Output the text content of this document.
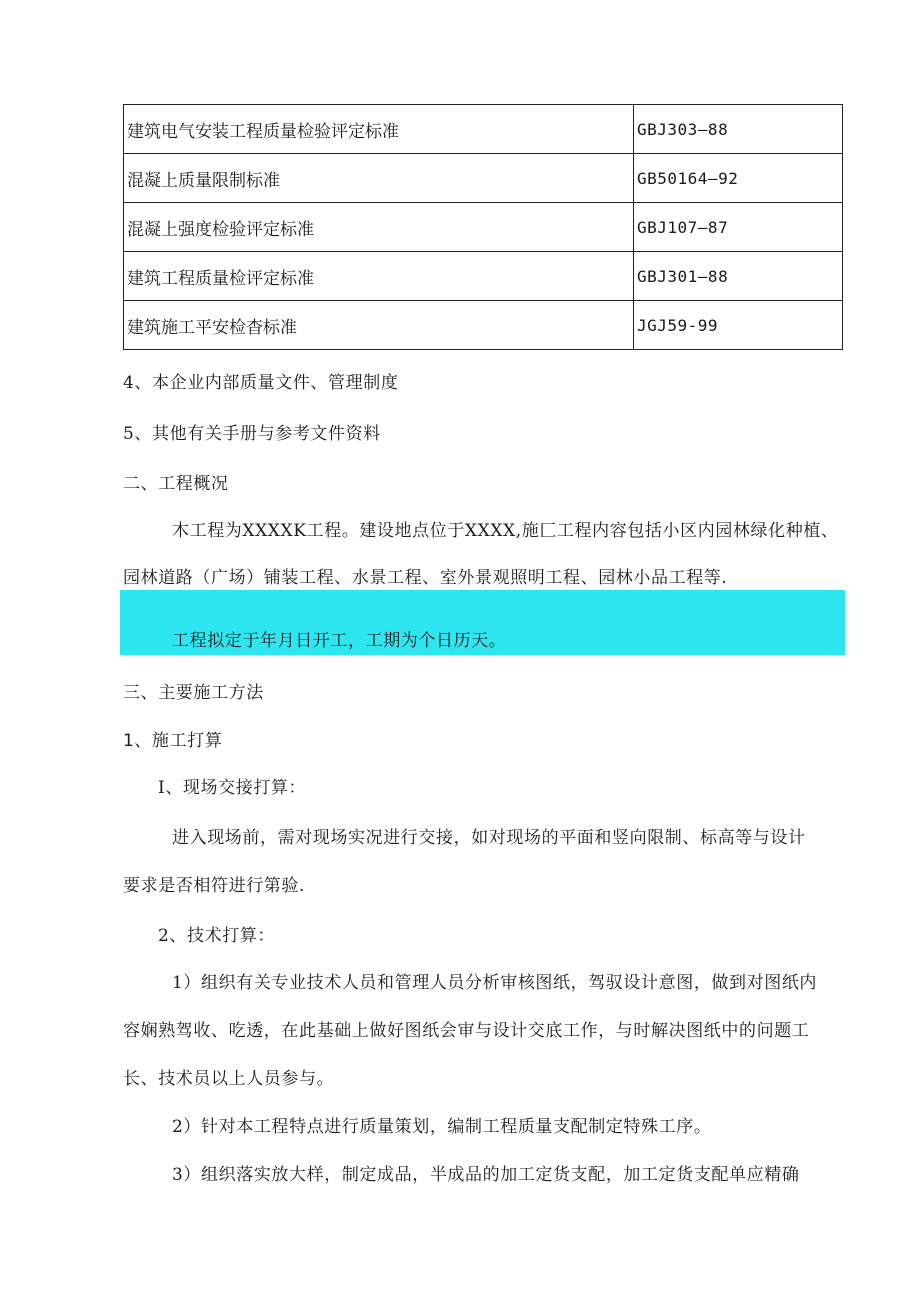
建筑电气安装工程质量检验评定标准	GBJ303—88
混凝上质量限制标准	GB50164—92
混凝上强度检验评定标准	GBJ107—87
建筑工程质量检评定标准	GBJ301—88
建筑施工平安检杳标准	JGJ59-99
4、本企业内部质量文件、管理制度
5、其他有关手册与参考文件资料
二、工程概况
木工程为XXXXK工程。建设地点位于XXXX,施匚工程内容包括小区内园林绿化种植、
园林道路（广场）铺装工程、水景工程、室外景观照明工程、园林小品工程等.
工程拟定于年月日开工，工期为个日历天。
三、主要施工方法
1、施工打算
I、现场交接打算：
进入现场前，需对现场实况进行交接，如对现场的平面和竖向限制、标高等与设计
要求是否相符进行第验.
2、技术打算：
1）组织有关专业技术人员和管理人员分析审核图纸，驾驭设计意图，做到对图纸内
容娴熟驾收、吃透，在此基础上做好图纸会审与设计交底工作，与时解决图纸中的问题工
长、技术员以上人员参与。
2）针对本工程特点进行质量策划，编制工程质量支配制定特殊工序。
3）组织落实放大样，制定成品，半成品的加工定货支配，加工定货支配单应精确
